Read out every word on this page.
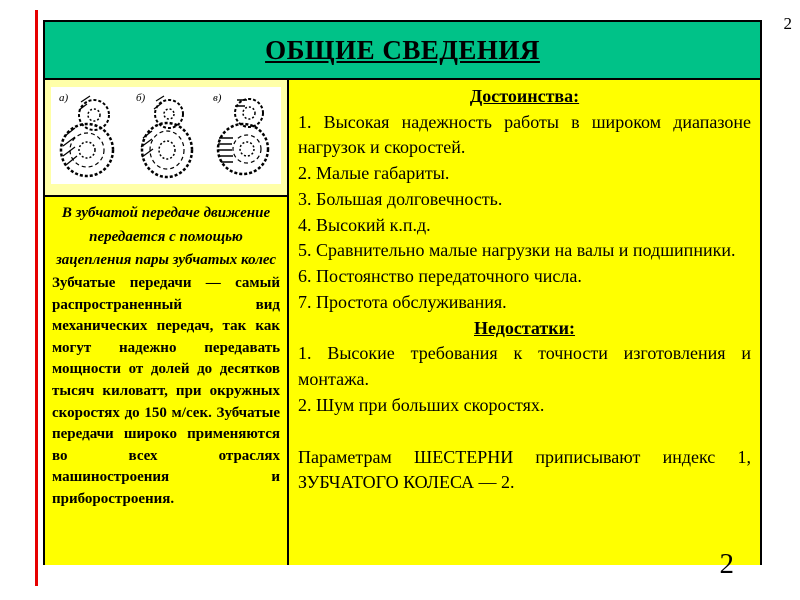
2
ОБЩИЕ СВЕДЕНИЯ
а)	б)	в)
В зубчатой передаче движение передается с помощью зацепления пары зубчатых колес
Зубчатые передачи — самый распространенный вид механических передач, так как могут надежно передавать мощности от долей до десятков тысяч киловатт, при окружных скоростях до 150 м/сек. Зубчатые передачи широко применяются во всех отраслях машиностроения и приборостроения.
Достоинства:
1. Высокая надежность работы в широком диапазоне нагрузок и скоростей.
2. Малые габариты.
3. Большая долговечность.
4. Высокий к.п.д.
5. Сравнительно малые нагрузки на валы и подшипники.
6. Постоянство передаточного числа.
7. Простота обслуживания.
Недостатки:
1. Высокие требования к точности изготовления и монтажа.
2. Шум при больших скоростях.
Параметрам ШЕСТЕРНИ приписывают индекс 1, ЗУБЧАТОГО КОЛЕСА — 2.
2
